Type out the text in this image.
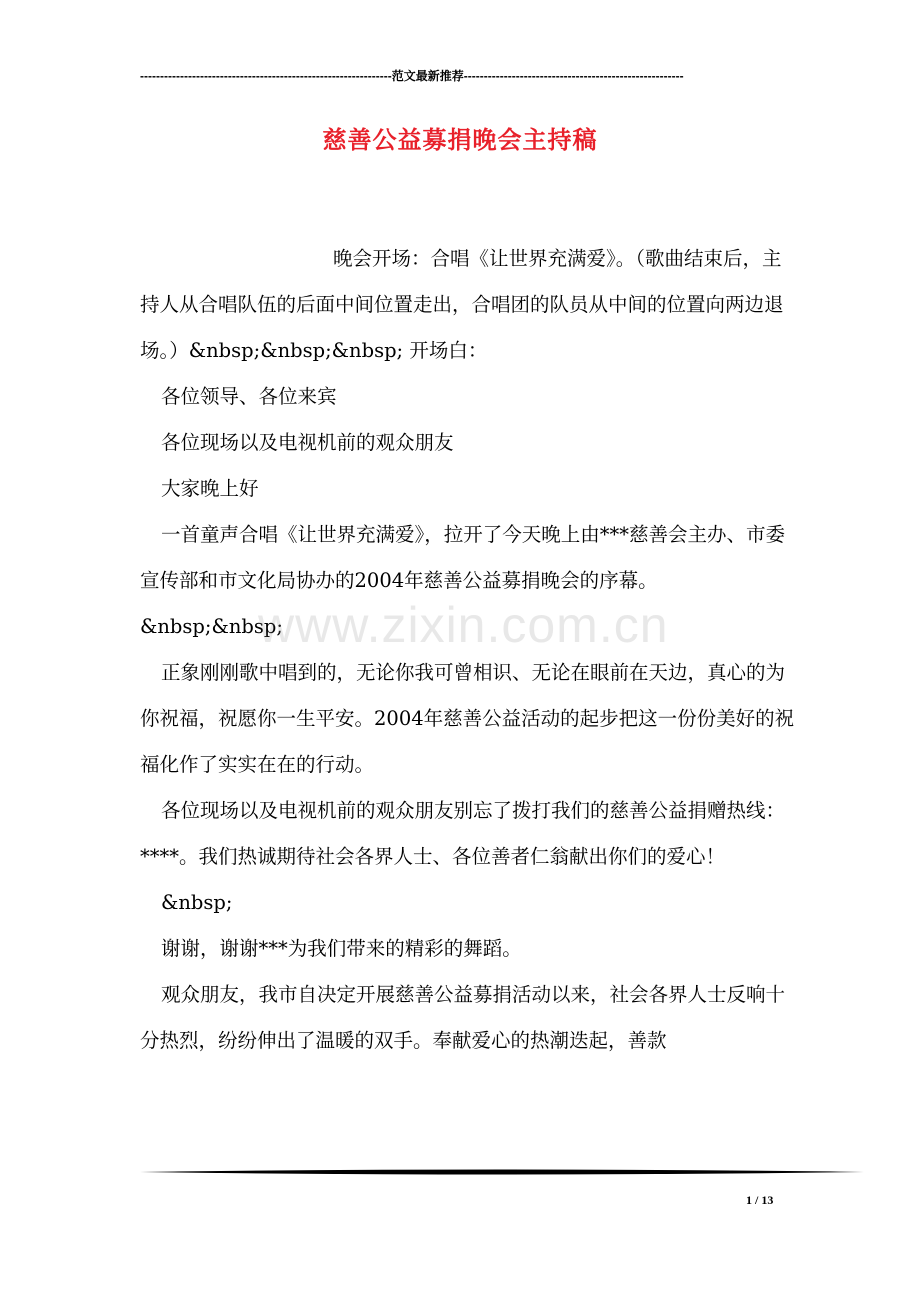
---------------------------------------------------------------范文最新推荐-------------------------------------------------------
慈善公益募捐晚会主持稿

晚会开场：合唱《让世界充满爱》。（歌曲结束后，主持人从合唱队伍的后面中间位置走出，合唱团的队员从中间的位置向两边退场。）&nbsp;&nbsp;&nbsp; 开场白：

各位领导、各位来宾

各位现场以及电视机前的观众朋友

大家晚上好

一首童声合唱《让世界充满爱》，拉开了今天晚上由***慈善会主办、市委宣传部和市文化局协办的2004年慈善公益募捐晚会的序幕。

&nbsp;&nbsp;

正象刚刚歌中唱到的，无论你我可曾相识、无论在眼前在天边，真心的为你祝福，祝愿你一生平安。2004年慈善公益活动的起步把这一份份美好的祝福化作了实实在在的行动。

各位现场以及电视机前的观众朋友别忘了拨打我们的慈善公益捐赠热线：****。我们热诚期待社会各界人士、各位善者仁翁献出你们的爱心！

&nbsp;

谢谢，谢谢***为我们带来的精彩的舞蹈。

观众朋友，我市自决定开展慈善公益募捐活动以来，社会各界人士反响十分热烈，纷纷伸出了温暖的双手。奉献爱心的热潮迭起，善款

www.zixin.com.cn
1 / 13
